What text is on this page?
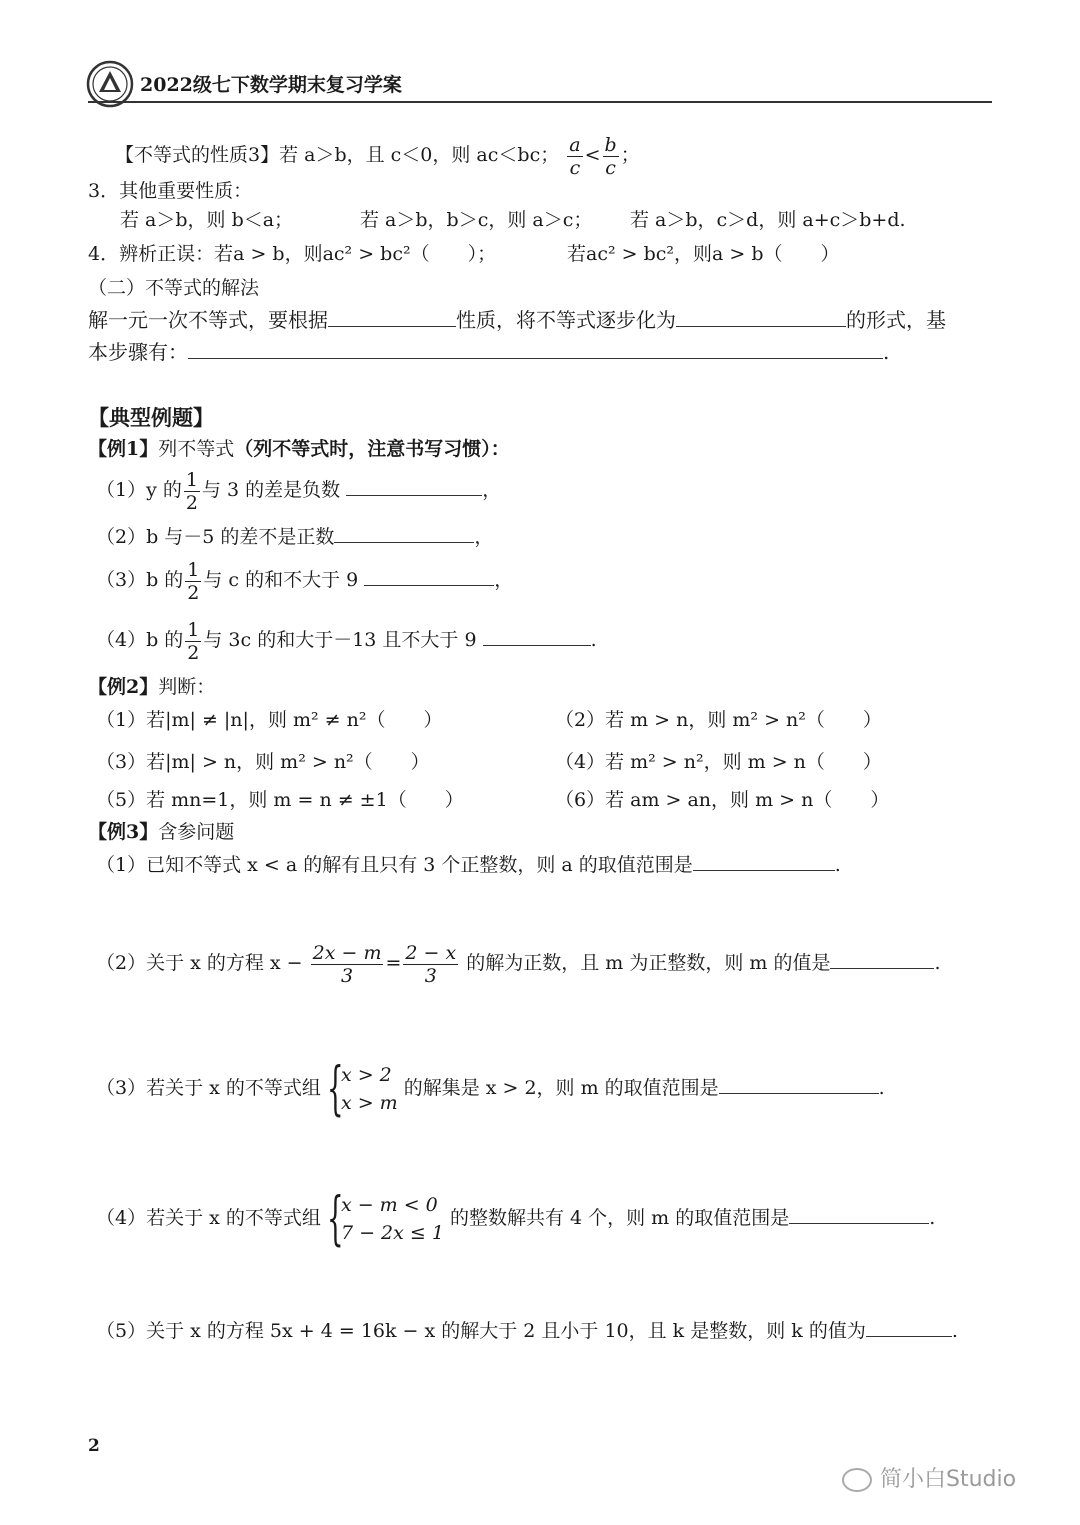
2022级七下数学期末复习学案
【不等式的性质3】若 a＞b，且 c＜0，则 ac＜bc； $\frac{a}{c} < \frac{b}{c}$ ；
3．其他重要性质：
若 a＞b，则 b＜a；	若 a＞b，b＞c，则 a＞c； 若 a＞b，c＞d，则 a+c＞b+d.
4．辨析正误：若a > b，则ac² > bc²（　　）；	若ac² > bc²，则a > b（　　）
（二）不等式的解法
解一元一次不等式，要根据	性质，将不等式逐步化为	的形式，基
本步骤有：	.
【典型例题】
【例1】列不等式（列不等式时，注意书写习惯）：
（1）y 的 $\frac{1}{2}$ 与 3 的差是负数	，
（2）b 与－5 的差不是正数	，
（3）b 的 $\frac{1}{2}$ 与 c 的和不大于 9	，
（4）b 的 $\frac{1}{2}$ 与 3c 的和大于－13 且不大于 9	.
【例2】判断：
（1）若|m| ≠ |n|，则 m² ≠ n²（　　）	（2）若 m > n，则 m² > n²（　　）
（3）若|m| > n，则 m² > n²（　　）	（4）若 m² > n²，则 m > n（　　）
（5）若 mn=1，则 m = n ≠ ±1（　　）	（6）若 am > an，则 m > n（　　）
【例3】含参问题
（1）已知不等式 x < a 的解有且只有 3 个正整数，则 a 的取值范围是	.
（2）关于 x 的方程 $x - \frac{2x - m}{3} = \frac{2 - x}{3}$ 的解为正数，且 m 为正整数，则 m 的值是	.
（3）若关于 x 的不等式组 {
x > 2
x > m
的解集是 x > 2，则 m 的取值范围是	.
（4）若关于 x 的不等式组 {
x − m < 0
7 − 2x ≤ 1
的整数解共有 4 个，则 m 的取值范围是	.
（5）关于 x 的方程 5x + 4 = 16k − x 的解大于 2 且小于 10，且 k 是整数，则 k 的值为	.
2
简小白Studio
